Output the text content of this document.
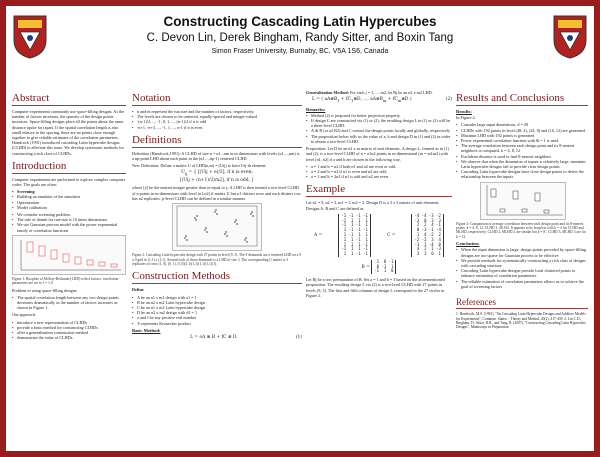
Constructing Cascading Latin Hypercubes
C. Devon Lin, Derek Bingham, Randy Sitter, and Boxin Tang
Simon Fraser University, Burnaby, BC, V5A 1S6, Canada
Abstract

Computer experiments commonly use space-filling designs. As the number of factors increases, the sparsity of the design points increases. Space-filling designs place all the points about the same distance (quite far) apart. If the spatial correlation length is also small relative to the spacing, there are no points close enough together to give reliable estimates of the correlation parameters. Handcock (1991) introduced cascading Latin hypercube designs (CLHD) to alleviate this issue. We develop systematic methods for constructing a rich class of CLHDs.

Introduction

Computer experiments are performed to explore complex computer codes. The goals are often:

• Screening
• Building an emulator of the simulator
• Optimization
• Model calibration
• We consider screening problem.
• The rule of thumb for run-size is 10 times dimensions
• We use Gaussian process model with the power exponential family of correlation functions
Figure 1: Boxplots of McKay-Beckman-(LHD) with d factors, correlation parameters are set to 1 = 1.0

Problem of using space-filling designs:

• The spatial correlation length between any two design points decreases dramatically as the number of factors increases as shown in Figure 1.

Our approach:

• introduce a new representation of CLHDs
• provide a basic method for constructing CLHDs
• offer a generalization construction method
• demonstrate the value of CLHDs.
Notation
• n and m represent the run size and the number of factors, respectively.
• The levels are chosen to be centered, equally-spaced and integer-valued
• -(n-1)/2, ..., -1, 0, 1, ..., (n-1)/2 if n is odd
• -n+1, -n+3, ..., -1, 1, ..., n-1 if n is even
Definitions

Definition (Handcock,1991): A CLHD of size n = n1...nm in m dimensions with levels (n1,...,nm) is a np-point LHD about each point in the (n1,...,np-1) centered CLHD.

New Definition: Define a matrix U of LHD(n,m) = (Uij) to have Uij-th element:

$U_{ij}$ = { [(Uij + e)/2], if n is even;
[(Uij + (n+1)/2)/n2], if n is odd, }

where [y] be the nearest integer greater than or equal to y. A LHD is then termed a two-level CLHD of n points in m-dimensions with level (n1,n2) if matrix U has n1 distinct rows and each distinct row has n2 replicates. p-level CLHD can be defined in a similar manner.

Figure 2: Cascading Latin hypercube design with 27 points in level (9, 3). The 9 diamonds are a centered LHD on a 9 x 9 grid in (1,1) x (1,1). Around each of those diamonds is a LHD of size 3. The corresponding U matrix is 3 replicates of rows (1, 0), (0, 1), (1,0)(1,1)(1,1)(1,1)(1,1)(1).
Construction Methods

Define

• A be an n1 x m1 design with a1 = 1
• B be an n2 x m2 Latin hypercube design
• C be an n1 x m1 Latin hypercube design
• D be an n2 x m2 design with d1 = 1
• o and f be any positive real number
• ® represents Kronecker product

Basic Method:

L = oA ⊗ B + fC ⊗ D.	(1)

Generalization Method: For each j = 1, ..., m2, let Bj be an n2 x m2 LHD.

L = ( $aA\otimes B_1$ + $fC_1\otimes D$, ..., $aA\otimes B_m$ + $fC_m\otimes D$ )	(2)

Remarks:

• Method (2) is proposed for better projection property
• If design C are constructed via (1) or (2), the resulting design L in (1) or (2) will be a three-level CLHD.
• A ⊗ B (or a2 B2) and C control the design points locally and globally, respectively
• The proposition below tells us the value of a, b and design D in (1) and (2) in order to obtain a two-level CLHD.

Proposition: Let D be an n2 x m matrix of unit elements. A design L, formed as in (1) and (2), is a two-level CLHD of n = n1n2 points in m-dimensional (m = m1m2) with level (n1, n2) if a and b are chosen in the following way,

• a = 1 and b = n2 if both n1 and n2 are even or odd,
• a = 2 and b = n2 if n1 is even and n2 are odd,
• a = 1 and b = 2n2 if n1 is odd and n2 are even.
Example

Let n1 = 9, n2 = 3, m1 = 1, m2 = 3. Design D is a 3 x 3 matrix of unit elements. Designs A, B and C are defined as

A =
-1 -1 -1 -1
-1  1  1  1
-1  1 -1  1
1 -1 -1 -1
1 -1  1  1
1  1 -1  1
1  1  1 -1
-1  1  1 -1
1  1 -1 -1
C =
-4 -4 -3 -2
-3  0  3  3
2  2  4 -1
0 -3 -1 -4
1  4 -2  2
-2 -2  3  4
-3  1 -4  0
4  2  1 -3
3  3  0  1
B =
1  0 -1
0 -1  1
-1  1  0

Let Bj be a row permutation of B. Set a = 1 and b = 3 based on the aforementioned proposition. The resulting design L via (2) is a two-level CLHD with 27 points in levels (9, 3). The first and fifth columns of design L correspond to the 27 circles in Figure 2.

Results and Conclusions

Results:

In Figure 2.

• Consider large input dimensions, d = 20
• CLHDs with 192 points in level (48, 4), (24, 8) and (16, 12) are generated
• Maximin LHD with 192 points is generated
• Power exponential correlation function with θi = 1 is used
• The average correlation between each design point and its 8-nearest neighbors is computed, k = 4, 8, 12
• Euclidean distance is used to find 8-nearest neighbors
• We observe that when the dimension of inputs is relatively large, maximin Latin hypercube designs fail to provide close design points
• Cascading Latin hypercube designs have close design points to detect the relationship between the inputs
Figure 3: Comparison of average correlation between each design point and its 8-nearest points, k = 4, 8, 12. CLHD 1: 48,192. It appears to be boxplots with k = 4 for CLHD and MLHD, respectively; CLHD 2, MLHD 2 are similar but k = 8 ; CLHD 3, MLHD 3 are for k = 12.

Conclusion:

• When the input dimension is large, design points provided by space-filling designs are too sparse for Gaussian process to be effective
• We provide methods for systematically constructing a rich class of designs with cascading structure
• Cascading Latin hypercube designs provide local clustered points to enhance estimation of correlation parameters
• The reliable estimation of correlation parameters allows us to achieve the goal of screening factors
References

1. Handcock, M.S. (1991), "On Cascading Latin Hypercube Designs and Additive Models for Experiments", Commun. Statist. - Theory and Method, 20(2), 417-439. 2. Lin C.D., Bingham, D., Sitter, R.R., and Tang, B. (2007), "Constructing Cascading Latin Hypercube Designs", Manuscript in Preparation.
